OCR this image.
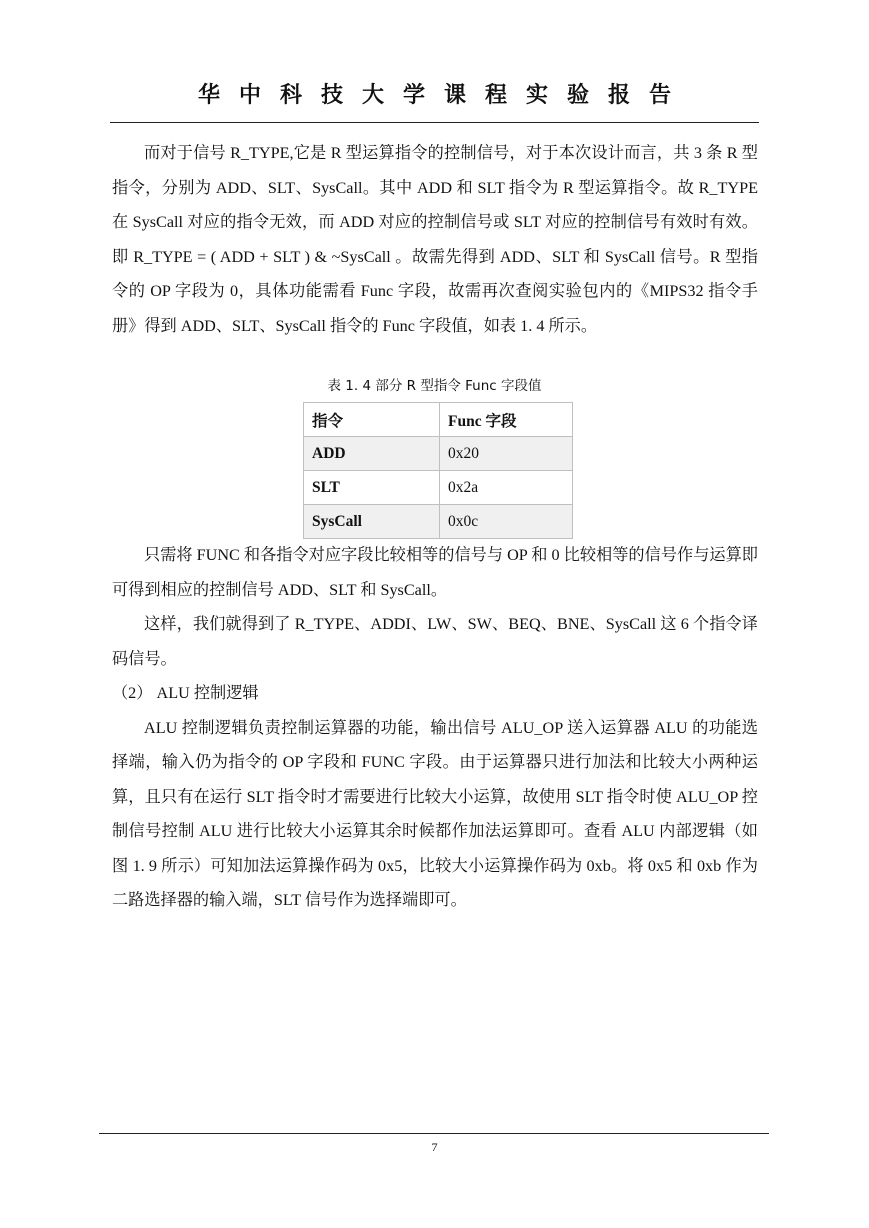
华中科技大学课程实验报告

而对于信号 R_TYPE,它是 R 型运算指令的控制信号，对于本次设计而言，共 3 条 R 型指令，分别为 ADD、SLT、SysCall。其中 ADD 和 SLT 指令为 R 型运算指令。故 R_TYPE 在 SysCall 对应的指令无效，而 ADD 对应的控制信号或 SLT 对应的控制信号有效时有效。即 R_TYPE = ( ADD + SLT ) & ~SysCall 。故需先得到 ADD、SLT 和 SysCall 信号。R 型指令的 OP 字段为 0，具体功能需看 Func 字段，故需再次查阅实验包内的《MIPS32 指令手册》得到 ADD、SLT、SysCall 指令的 Func 字段值，如表 1. 4 所示。

表 1. 4 部分 R 型指令 Func 字段值
指令	Func 字段
ADD	0x20
SLT	0x2a
SysCall	0x0c

只需将 FUNC 和各指令对应字段比较相等的信号与 OP 和 0 比较相等的信号作与运算即可得到相应的控制信号 ADD、SLT 和 SysCall。

这样，我们就得到了 R_TYPE、ADDI、LW、SW、BEQ、BNE、SysCall 这 6 个指令译码信号。

（2） ALU 控制逻辑

ALU 控制逻辑负责控制运算器的功能，输出信号 ALU_OP 送入运算器 ALU 的功能选择端，输入仍为指令的 OP 字段和 FUNC 字段。由于运算器只进行加法和比较大小两种运算，且只有在运行 SLT 指令时才需要进行比较大小运算，故使用 SLT 指令时使 ALU_OP 控制信号控制 ALU 进行比较大小运算其余时候都作加法运算即可。查看 ALU 内部逻辑（如图 1. 9 所示）可知加法运算操作码为 0x5，比较大小运算操作码为 0xb。将 0x5 和 0xb 作为二路选择器的输入端，SLT 信号作为选择端即可。

7
